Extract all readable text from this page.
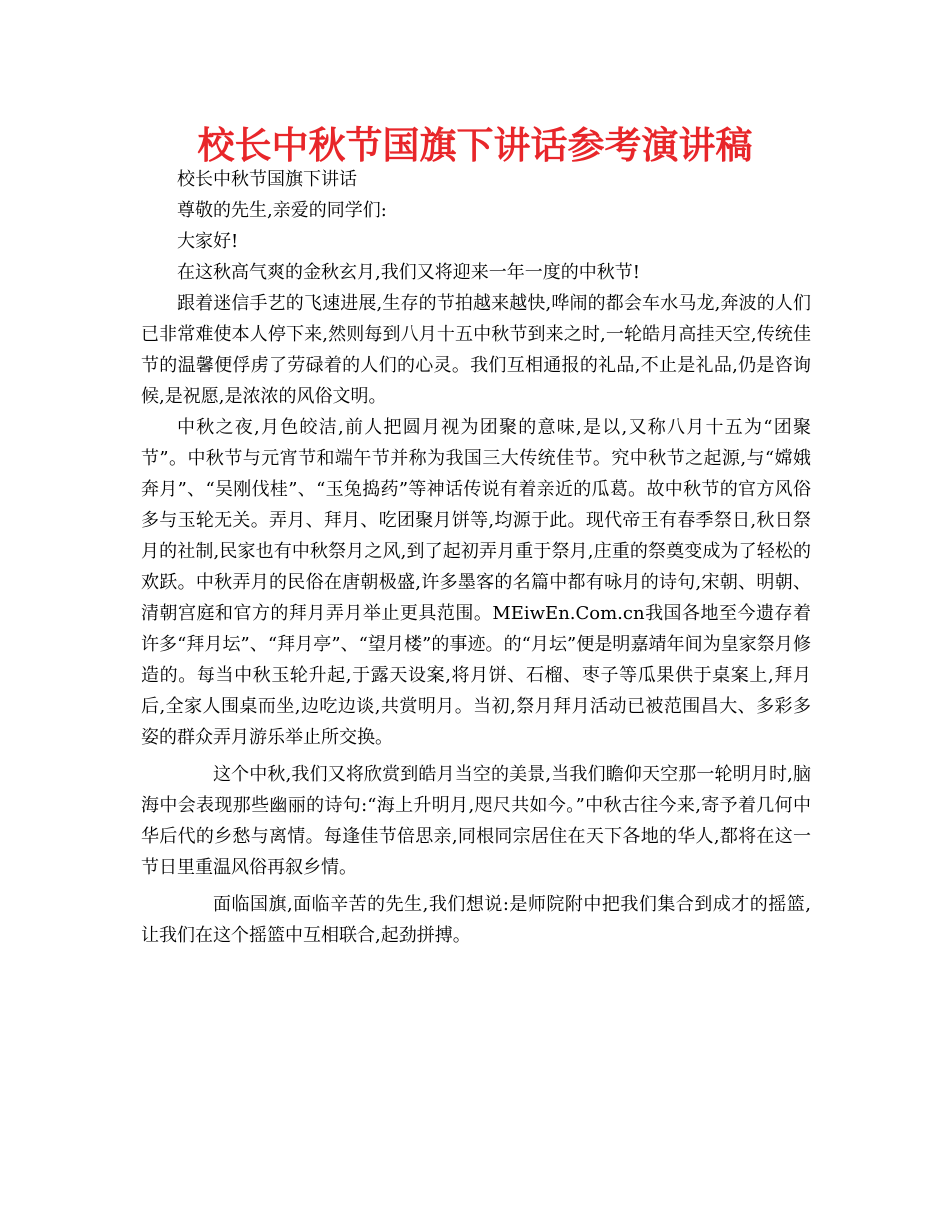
校长中秋节国旗下讲话参考演讲稿

校长中秋节国旗下讲话

尊敬的先生,亲爱的同学们:

大家好!

在这秋高气爽的金秋玄月,我们又将迎来一年一度的中秋节!

跟着迷信手艺的飞速进展,生存的节拍越来越快,哗闹的都会车水马龙,奔波的人们已非常难使本人停下来,然则每到八月十五中秋节到来之时,一轮皓月高挂天空,传统佳节的温馨便俘虏了劳碌着的人们的心灵。我们互相通报的礼品,不止是礼品,仍是咨询候,是祝愿,是浓浓的风俗文明。

中秋之夜,月色皎洁,前人把圆月视为团聚的意味,是以,又称八月十五为“团聚节”。中秋节与元宵节和端午节并称为我国三大传统佳节。究中秋节之起源,与“嫦娥奔月”、“吴刚伐桂”、“玉兔捣药”等神话传说有着亲近的瓜葛。故中秋节的官方风俗多与玉轮无关。弄月、拜月、吃团聚月饼等,均源于此。现代帝王有春季祭日,秋日祭月的社制,民家也有中秋祭月之风,到了起初弄月重于祭月,庄重的祭奠变成为了轻松的欢跃。中秋弄月的民俗在唐朝极盛,许多墨客的名篇中都有咏月的诗句,宋朝、明朝、清朝宫庭和官方的拜月弄月举止更具范围。MEiwEn.Com.cn我国各地至今遗存着许多“拜月坛”、“拜月亭”、“望月楼”的事迹。的“月坛”便是明嘉靖年间为皇家祭月修造的。每当中秋玉轮升起,于露天设案,将月饼、石榴、枣子等瓜果供于桌案上,拜月后,全家人围桌而坐,边吃边谈,共赏明月。当初,祭月拜月活动已被范围昌大、多彩多姿的群众弄月游乐举止所交换。

这个中秋,我们又将欣赏到皓月当空的美景,当我们瞻仰天空那一轮明月时,脑海中会表现那些幽丽的诗句:“海上升明月,咫尺共如今。”中秋古往今来,寄予着几何中华后代的乡愁与离情。每逢佳节倍思亲,同根同宗居住在天下各地的华人,都将在这一节日里重温风俗再叙乡情。

面临国旗,面临辛苦的先生,我们想说:是师院附中把我们集合到成才的摇篮,让我们在这个摇篮中互相联合,起劲拼搏。
